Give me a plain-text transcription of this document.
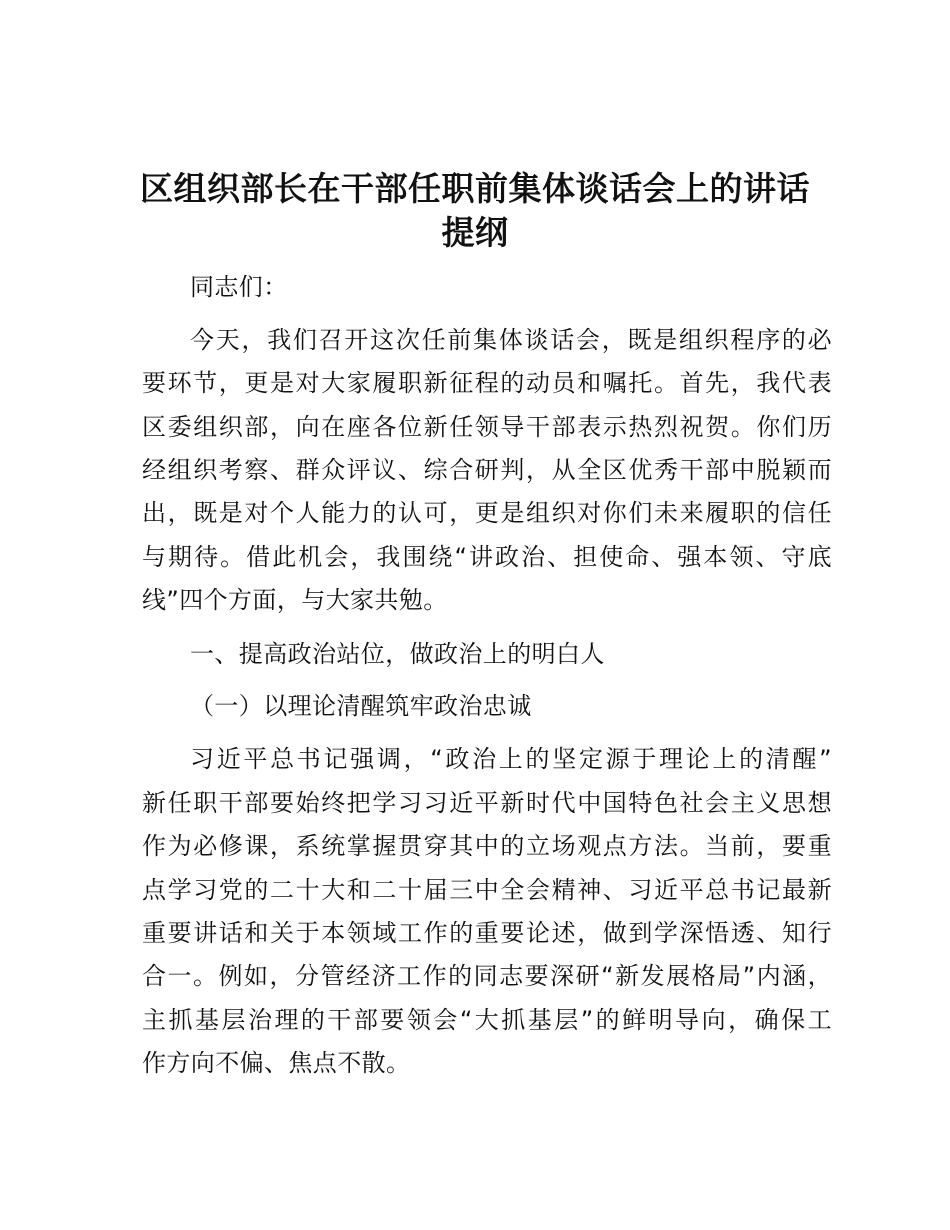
区组织部长在干部任职前集体谈话会上的讲话
提纲
同志们：
今天，我们召开这次任前集体谈话会，既是组织程序的必
要环节，更是对大家履职新征程的动员和嘱托。首先，我代表
区委组织部，向在座各位新任领导干部表示热烈祝贺。你们历
经组织考察、群众评议、综合研判，从全区优秀干部中脱颖而
出，既是对个人能力的认可，更是组织对你们未来履职的信任
与期待。借此机会，我围绕“讲政治、担使命、强本领、守底
线”四个方面，与大家共勉。
一、提高政治站位，做政治上的明白人
（一）以理论清醒筑牢政治忠诚
习近平总书记强调，“政治上的坚定源于理论上的清醒”
新任职干部要始终把学习习近平新时代中国特色社会主义思想
作为必修课，系统掌握贯穿其中的立场观点方法。当前，要重
点学习党的二十大和二十届三中全会精神、习近平总书记最新
重要讲话和关于本领域工作的重要论述，做到学深悟透、知行
合一。例如，分管经济工作的同志要深研“新发展格局”内涵，
主抓基层治理的干部要领会“大抓基层”的鲜明导向，确保工
作方向不偏、焦点不散。
